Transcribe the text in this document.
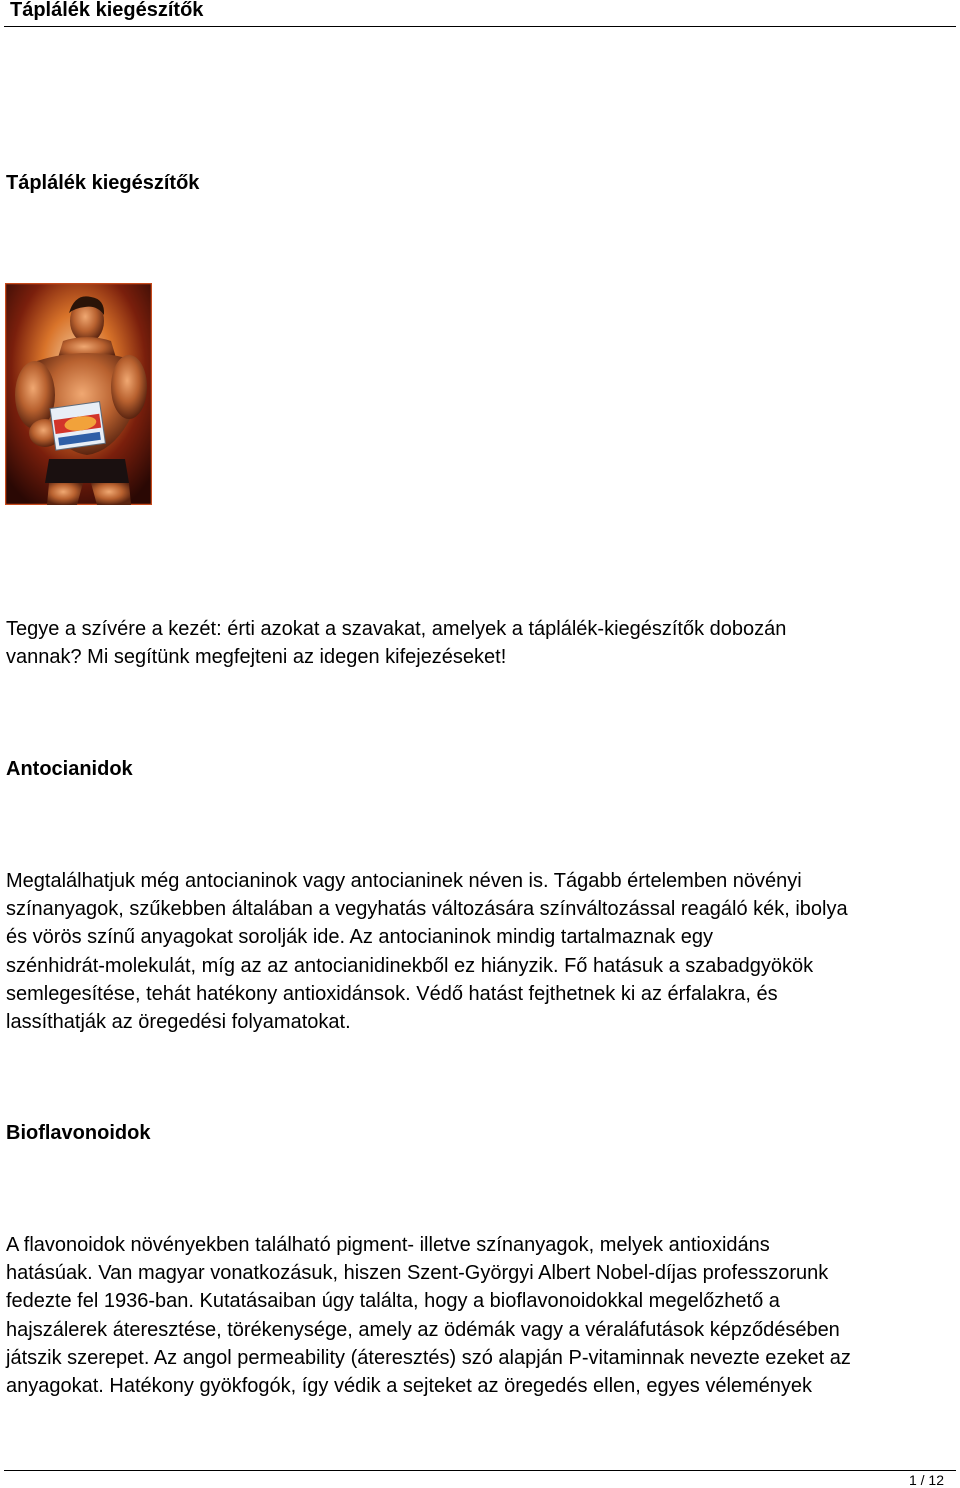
Táplálék kiegészítők
Táplálék kiegészítők
Tegye a szívére a kezét: érti azokat a szavakat, amelyek a táplálék-kiegészítők dobozán
vannak? Mi segítünk megfejteni az idegen kifejezéseket!
Antocianidok
Megtalálhatjuk még antocianinok vagy antocianinek néven is. Tágabb értelemben növényi
színanyagok, szűkebben általában a vegyhatás változására színváltozással reagáló kék, ibolya
és vörös színű anyagokat sorolják ide. Az antocianinok mindig tartalmaznak egy
szénhidrát-molekulát, míg az az antocianidinekből ez hiányzik. Fő hatásuk a szabadgyökök
semlegesítése, tehát hatékony antioxidánsok. Védő hatást fejthetnek ki az érfalakra, és
lassíthatják az öregedési folyamatokat.
Bioflavonoidok
A flavonoidok növényekben található pigment- illetve színanyagok, melyek antioxidáns
hatásúak. Van magyar vonatkozásuk, hiszen Szent-Györgyi Albert Nobel-díjas professzorunk
fedezte fel 1936-ban. Kutatásaiban úgy találta, hogy a bioflavonoidokkal megelőzhető a
hajszálerek áteresztése, törékenysége, amely az ödémák vagy a véraláfutások képződésében
játszik szerepet. Az angol permeability (áteresztés) szó alapján P-vitaminnak nevezte ezeket az
anyagokat. Hatékony gyökfogók, így védik a sejteket az öregedés ellen, egyes vélemények
1 / 12
